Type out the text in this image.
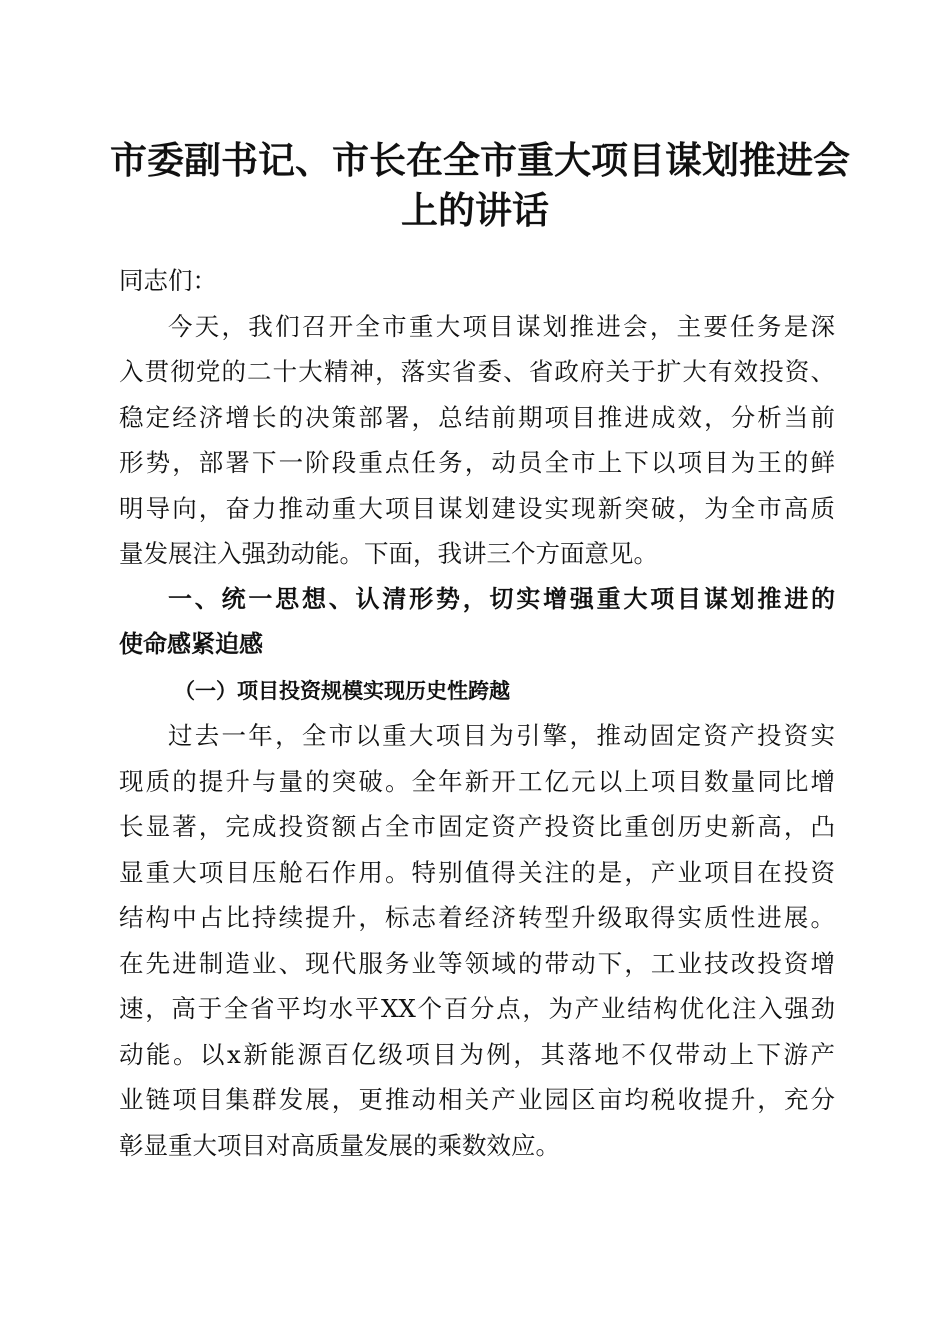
市委副书记、市长在全市重大项目谋划推进会
上的讲话
同志们：
今天，我们召开全市重大项目谋划推进会，主要任务是深
入贯彻党的二十大精神，落实省委、省政府关于扩大有效投资、
稳定经济增长的决策部署，总结前期项目推进成效，分析当前
形势，部署下一阶段重点任务，动员全市上下以项目为王的鲜
明导向，奋力推动重大项目谋划建设实现新突破，为全市高质
量发展注入强劲动能。下面，我讲三个方面意见。
一、统一思想、认清形势，切实增强重大项目谋划推进的
使命感紧迫感
（一）项目投资规模实现历史性跨越
过去一年，全市以重大项目为引擎，推动固定资产投资实
现质的提升与量的突破。全年新开工亿元以上项目数量同比增
长显著，完成投资额占全市固定资产投资比重创历史新高，凸
显重大项目压舱石作用。特别值得关注的是，产业项目在投资
结构中占比持续提升，标志着经济转型升级取得实质性进展。
在先进制造业、现代服务业等领域的带动下，工业技改投资增
速，高于全省平均水平XX个百分点，为产业结构优化注入强劲
动能。以x新能源百亿级项目为例，其落地不仅带动上下游产
业链项目集群发展，更推动相关产业园区亩均税收提升，充分
彰显重大项目对高质量发展的乘数效应。
